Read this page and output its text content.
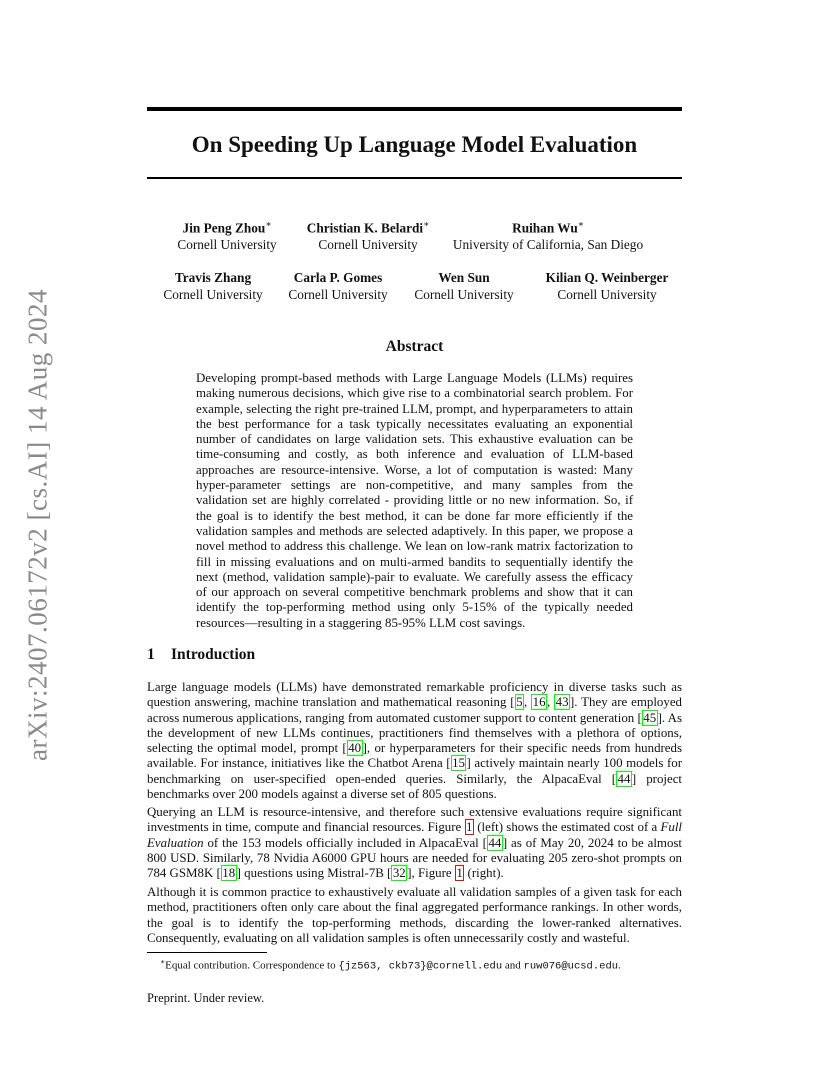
arXiv:2407.06172v2 [cs.AI] 14 Aug 2024
On Speeding Up Language Model Evaluation
Jin Peng Zhou∗
Cornell University
Christian K. Belardi∗
Cornell University
Ruihan Wu∗
University of California, San Diego
Travis Zhang
Cornell University
Carla P. Gomes
Cornell University
Wen Sun
Cornell University
Kilian Q. Weinberger
Cornell University
Abstract

Developing prompt-based methods with Large Language Models (LLMs) requires making numerous decisions, which give rise to a combinatorial search problem. For example, selecting the right pre-trained LLM, prompt, and hyperparameters to attain the best performance for a task typically necessitates evaluating an exponential number of candidates on large validation sets. This exhaustive evaluation can be time-consuming and costly, as both inference and evaluation of LLM-based approaches are resource-intensive. Worse, a lot of computation is wasted: Many hyper-parameter settings are non-competitive, and many samples from the validation set are highly correlated - providing little or no new information. So, if the goal is to identify the best method, it can be done far more efficiently if the validation samples and methods are selected adaptively. In this paper, we propose a novel method to address this challenge. We lean on low-rank matrix factorization to fill in missing evaluations and on multi-armed bandits to sequentially identify the next (method, validation sample)-pair to evaluate. We carefully assess the efficacy of our approach on several competitive benchmark problems and show that it can identify the top-performing method using only 5-15% of the typically needed resources—resulting in a staggering 85-95% LLM cost savings.

1 Introduction

Large language models (LLMs) have demonstrated remarkable proficiency in diverse tasks such as question answering, machine translation and mathematical reasoning [ 5 , 16 , 43 ]. They are employed across numerous applications, ranging from automated customer support to content generation [ 45 ]. As the development of new LLMs continues, practitioners find themselves with a plethora of options, selecting the optimal model, prompt [ 40 ], or hyperparameters for their specific needs from hundreds available. For instance, initiatives like the Chatbot Arena [ 15 ] actively maintain nearly 100 models for benchmarking on user-specified open-ended queries. Similarly, the AlpacaEval [ 44 ] project benchmarks over 200 models against a diverse set of 805 questions.

Querying an LLM is resource-intensive, and therefore such extensive evaluations require significant investments in time, compute and financial resources. Figure 1 (left) shows the estimated cost of a Full Evaluation of the 153 models officially included in AlpacaEval [ 44 ] as of May 20, 2024 to be almost 800 USD. Similarly, 78 Nvidia A6000 GPU hours are needed for evaluating 205 zero-shot prompts on 784 GSM8K [ 18 ] questions using Mistral-7B [ 32 ], Figure 1 (right).

Although it is common practice to exhaustively evaluate all validation samples of a given task for each method, practitioners often only care about the final aggregated performance rankings. In other words, the goal is to identify the top-performing methods, discarding the lower-ranked alternatives. Consequently, evaluating on all validation samples is often unnecessarily costly and wasteful.

∗Equal contribution. Correspondence to {jz563, ckb73}@cornell.edu and ruw076@ucsd.edu.
Preprint. Under review.
